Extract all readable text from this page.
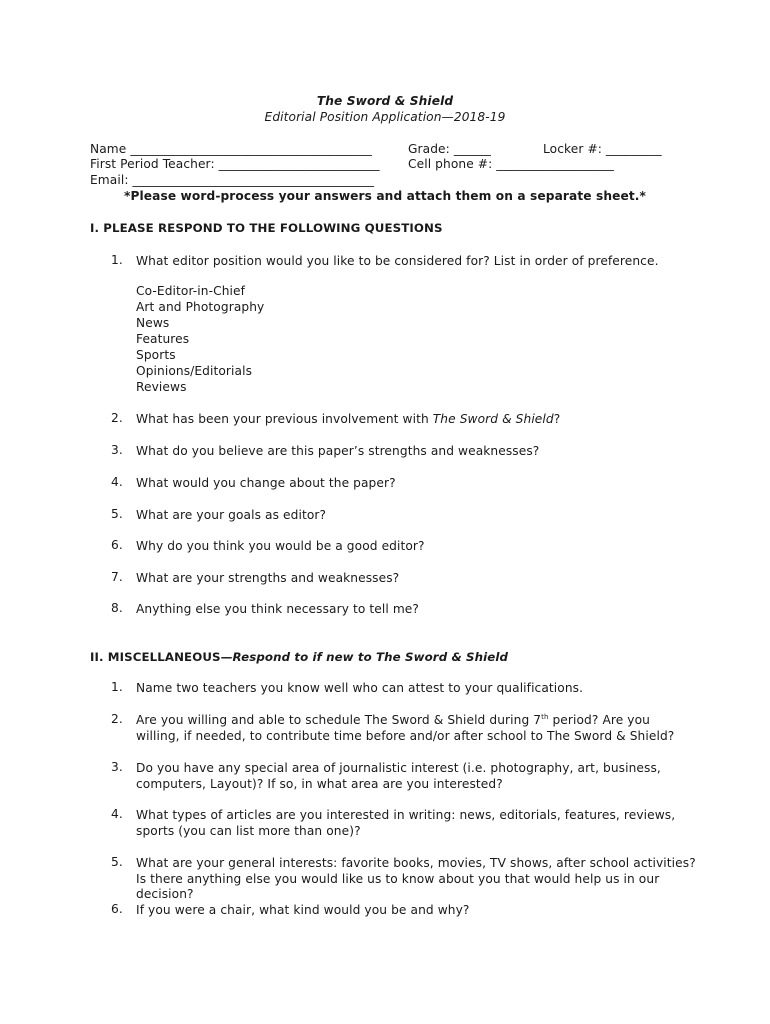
The Sword & Shield
Editorial Position Application—2018-19
Name _______________________________________	Grade: ______	Locker #: _________
First Period Teacher: __________________________ Cell phone #: ___________________
Email: _______________________________________
*Please word-process your answers and attach them on a separate sheet.*
I. PLEASE RESPOND TO THE FOLLOWING QUESTIONS
1. What editor position would you like to be considered for? List in order of preference.
Co-Editor-in-Chief
Art and Photography
News
Features
Sports
Opinions/Editorials
Reviews
2. What has been your previous involvement with The Sword & Shield?
3. What do you believe are this paper’s strengths and weaknesses?
4. What would you change about the paper?
5. What are your goals as editor?
6. Why do you think you would be a good editor?
7. What are your strengths and weaknesses?
8. Anything else you think necessary to tell me?
II. MISCELLANEOUS—Respond to if new to The Sword & Shield
1. Name two teachers you know well who can attest to your qualifications.
2. Are you willing and able to schedule The Sword & Shield during 7th period? Are you
willing, if needed, to contribute time before and/or after school to The Sword & Shield?
3. Do you have any special area of journalistic interest (i.e. photography, art, business,
computers, Layout)? If so, in what area are you interested?
4. What types of articles are you interested in writing: news, editorials, features, reviews,
sports (you can list more than one)?
5. What are your general interests: favorite books, movies, TV shows, after school activities?
Is there anything else you would like us to know about you that would help us in our
decision?
6. If you were a chair, what kind would you be and why?
